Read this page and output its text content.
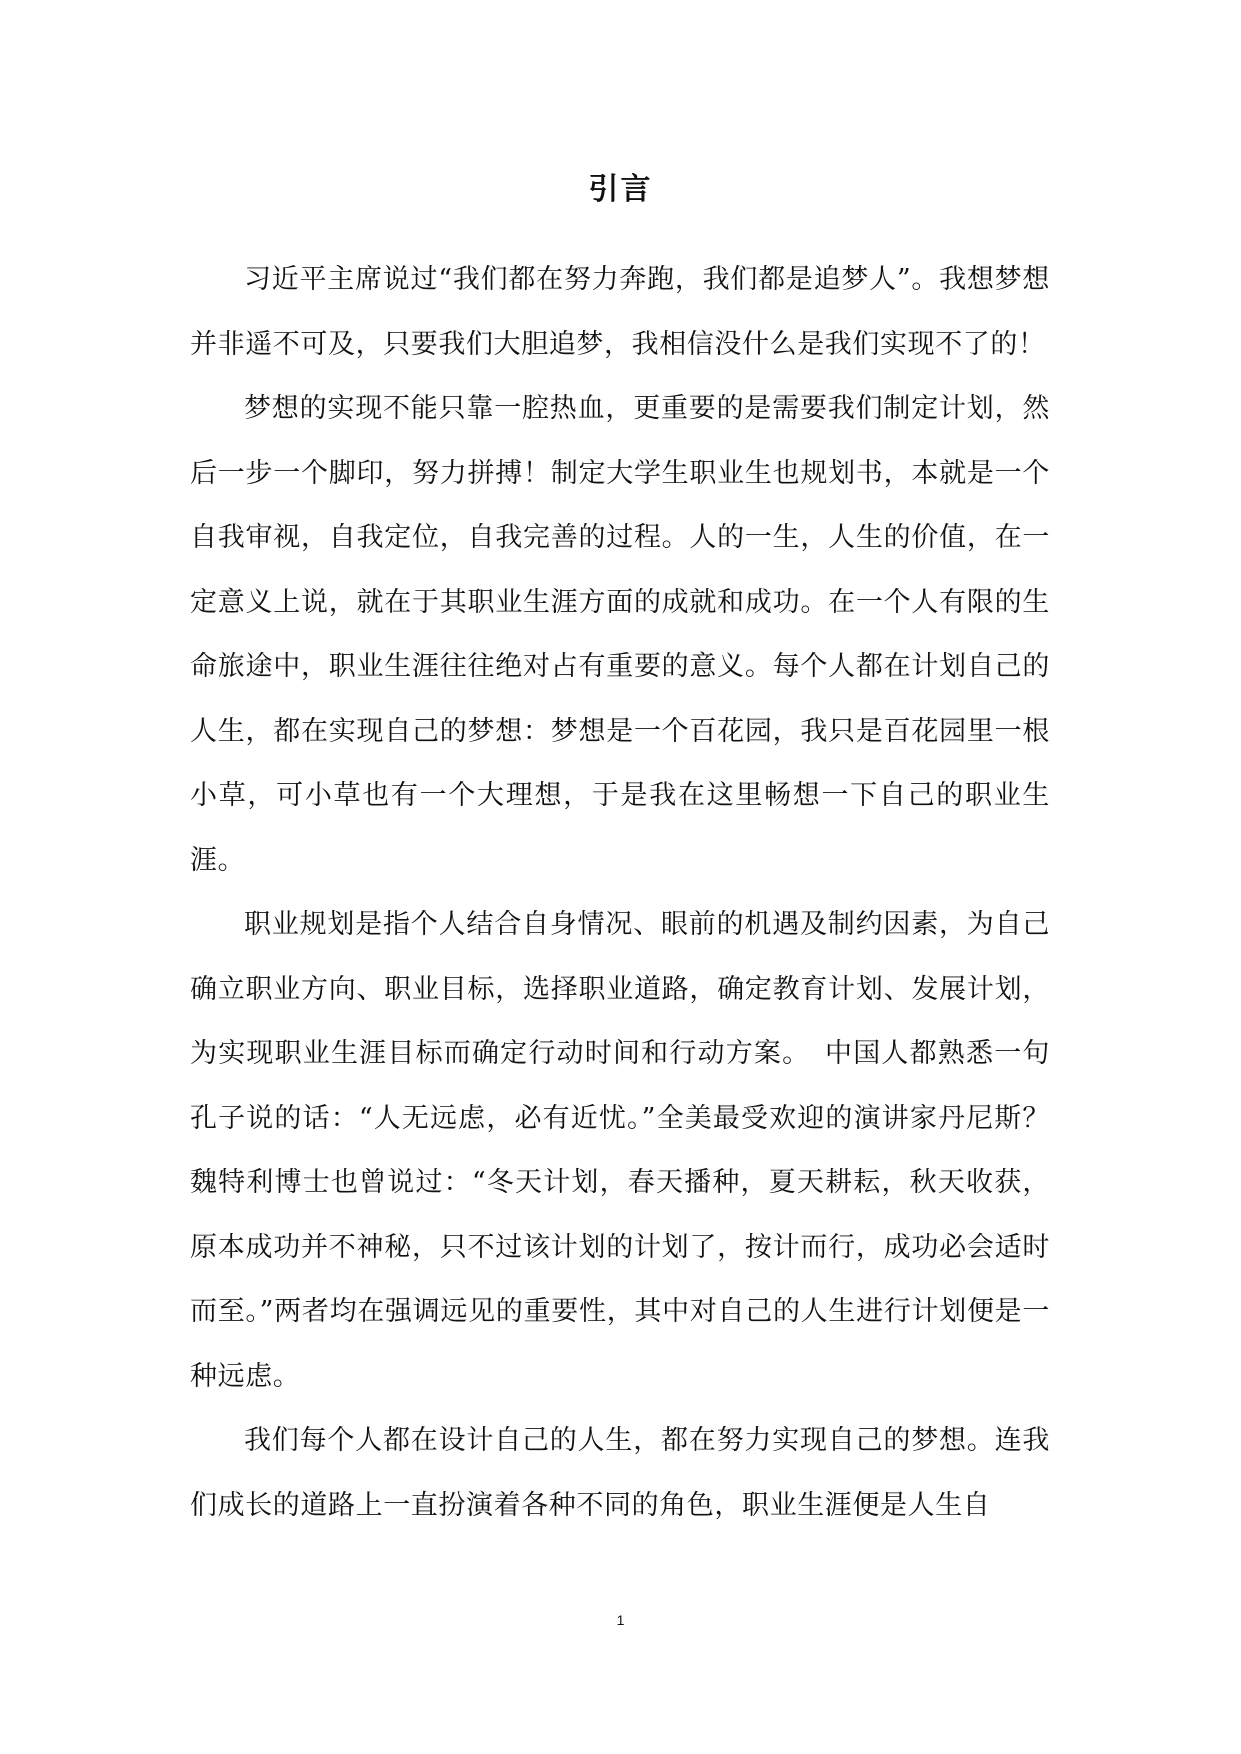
引言

习近平主席说过“我们都在努力奔跑，我们都是追梦人”。我想梦想并非遥不可及，只要我们大胆追梦，我相信没什么是我们实现不了的！

梦想的实现不能只靠一腔热血，更重要的是需要我们制定计划，然后一步一个脚印，努力拼搏！制定大学生职业生也规划书，本就是一个自我审视，自我定位，自我完善的过程。人的一生，人生的价值，在一定意义上说，就在于其职业生涯方面的成就和成功。在一个人有限的生命旅途中，职业生涯往往绝对占有重要的意义。每个人都在计划自己的人生，都在实现自己的梦想：梦想是一个百花园，我只是百花园里一根小草，可小草也有一个大理想，于是我在这里畅想一下自己的职业生涯。

职业规划是指个人结合自身情况、眼前的机遇及制约因素，为自己确立职业方向、职业目标，选择职业道路，确定教育计划、发展计划，为实现职业生涯目标而确定行动时间和行动方案。　中国人都熟悉一句孔子说的话：“人无远虑，必有近忧。”全美最受欢迎的演讲家丹尼斯？魏特利博士也曾说过：“冬天计划，春天播种，夏天耕耘，秋天收获，原本成功并不神秘，只不过该计划的计划了，按计而行，成功必会适时而至。”两者均在强调远见的重要性，其中对自己的人生进行计划便是一种远虑。

我们每个人都在设计自己的人生，都在努力实现自己的梦想。连我们成长的道路上一直扮演着各种不同的角色，职业生涯便是人生自

1
